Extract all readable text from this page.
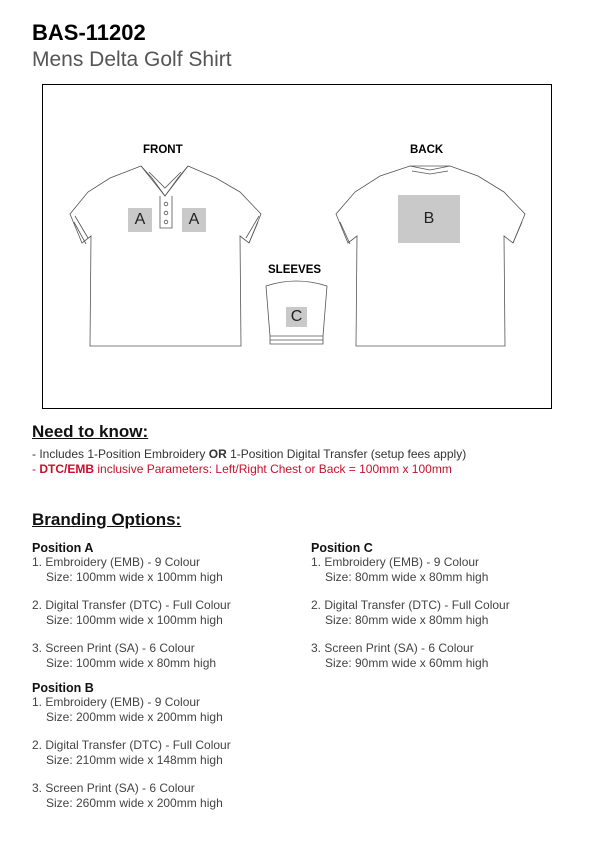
BAS-11202
Mens Delta Golf Shirt
FRONT	BACK
SLEEVES
A	A	B
C
Need to know:
- Includes 1-Position Embroidery OR 1-Position Digital Transfer (setup fees apply)
- DTC/EMB inclusive Parameters: Left/Right Chest or Back = 100mm x 100mm
Branding Options:
Position A
1. Embroidery (EMB) - 9 Colour
Size: 100mm wide x 100mm high
2. Digital Transfer (DTC) - Full Colour
Size: 100mm wide x 100mm high
3. Screen Print (SA) - 6 Colour
Size: 100mm wide x 80mm high
Position B
1. Embroidery (EMB) - 9 Colour
Size: 200mm wide x 200mm high
2. Digital Transfer (DTC) - Full Colour
Size: 210mm wide x 148mm high
3. Screen Print (SA) - 6 Colour
Size: 260mm wide x 200mm high
Position C
1. Embroidery (EMB) - 9 Colour
Size: 80mm wide x 80mm high
2. Digital Transfer (DTC) - Full Colour
Size: 80mm wide x 80mm high
3. Screen Print (SA) - 6 Colour
Size: 90mm wide x 60mm high
